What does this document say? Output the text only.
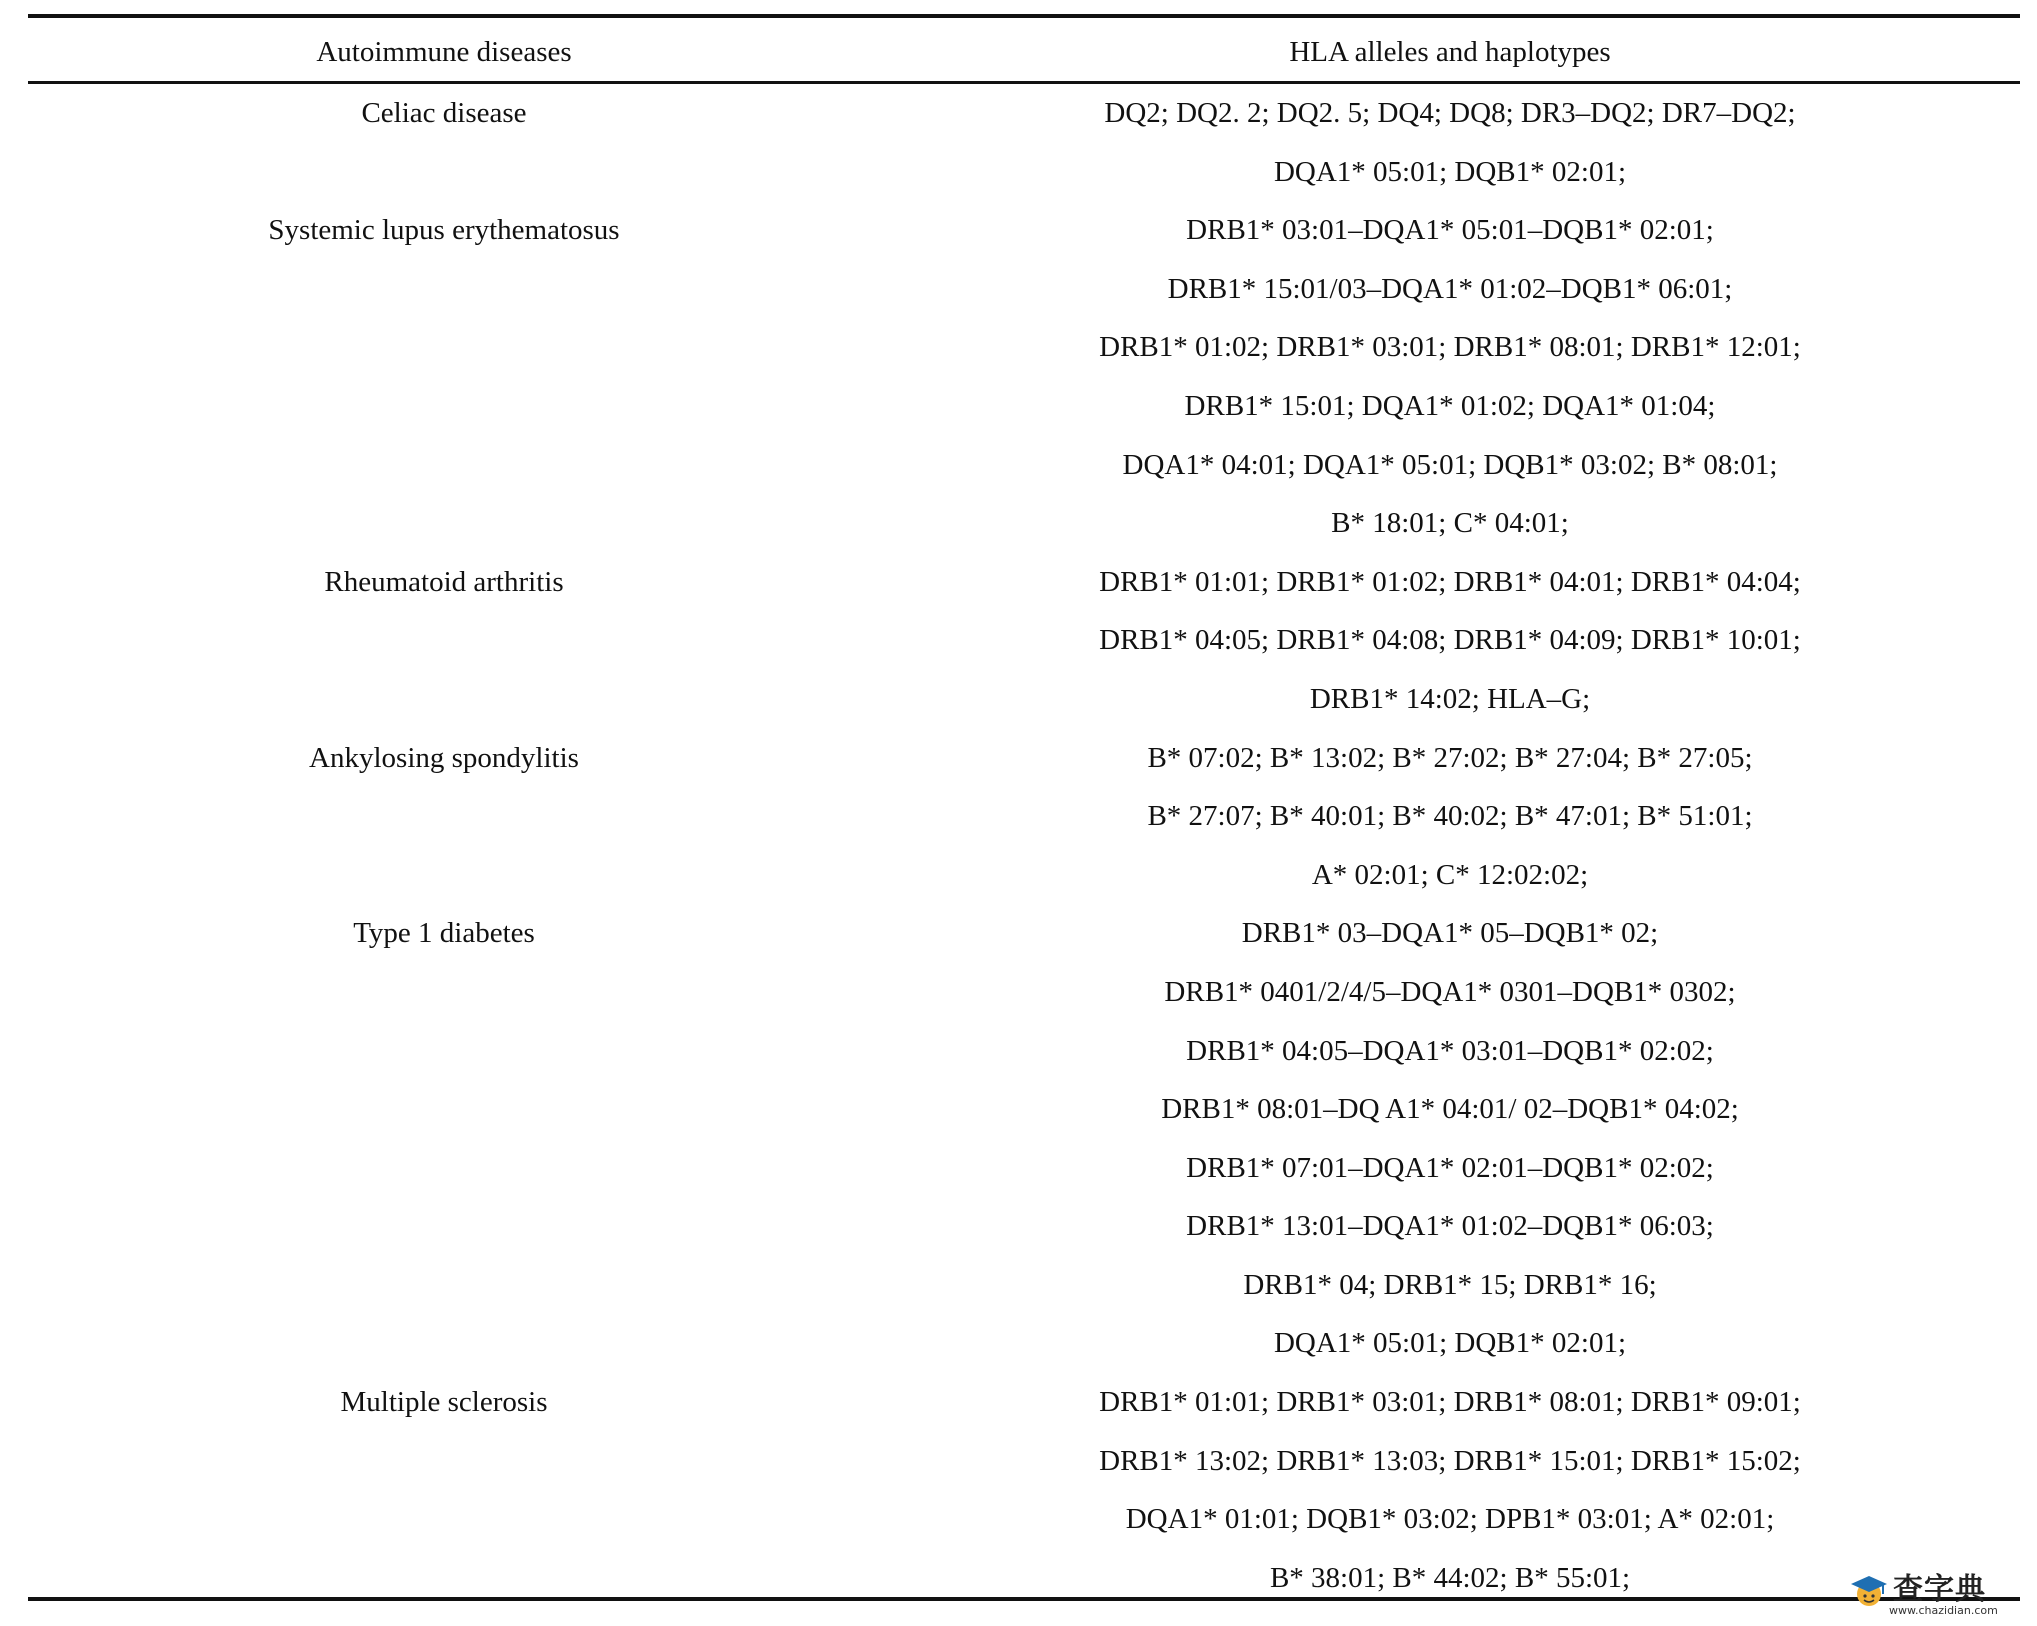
Autoimmune diseases	HLA alleles and haplotypes
Celiac disease	DQ2; DQ2. 2; DQ2. 5; DQ4; DQ8; DR3–DQ2; DR7–DQ2;
DQA1* 05:01; DQB1* 02:01;
Systemic lupus erythematosus	DRB1* 03:01–DQA1* 05:01–DQB1* 02:01;
DRB1* 15:01/03–DQA1* 01:02–DQB1* 06:01;
DRB1* 01:02; DRB1* 03:01; DRB1* 08:01; DRB1* 12:01;
DRB1* 15:01; DQA1* 01:02; DQA1* 01:04;
DQA1* 04:01; DQA1* 05:01; DQB1* 03:02; B* 08:01;
B* 18:01; C* 04:01;
Rheumatoid arthritis	DRB1* 01:01; DRB1* 01:02; DRB1* 04:01; DRB1* 04:04;
DRB1* 04:05; DRB1* 04:08; DRB1* 04:09; DRB1* 10:01;
DRB1* 14:02; HLA–G;
Ankylosing spondylitis	B* 07:02; B* 13:02; B* 27:02; B* 27:04; B* 27:05;
B* 27:07; B* 40:01; B* 40:02; B* 47:01; B* 51:01;
A* 02:01; C* 12:02:02;
Type 1 diabetes	DRB1* 03–DQA1* 05–DQB1* 02;
DRB1* 0401/2/4/5–DQA1* 0301–DQB1* 0302;
DRB1* 04:05–DQA1* 03:01–DQB1* 02:02;
DRB1* 08:01–DQ A1* 04:01/ 02–DQB1* 04:02;
DRB1* 07:01–DQA1* 02:01–DQB1* 02:02;
DRB1* 13:01–DQA1* 01:02–DQB1* 06:03;
DRB1* 04; DRB1* 15; DRB1* 16;
DQA1* 05:01; DQB1* 02:01;
Multiple sclerosis	DRB1* 01:01; DRB1* 03:01; DRB1* 08:01; DRB1* 09:01;
DRB1* 13:02; DRB1* 13:03; DRB1* 15:01; DRB1* 15:02;
DQA1* 01:01; DQB1* 03:02; DPB1* 03:01; A* 02:01;
B* 38:01; B* 44:02; B* 55:01;	查字典
www.chazidian.com
